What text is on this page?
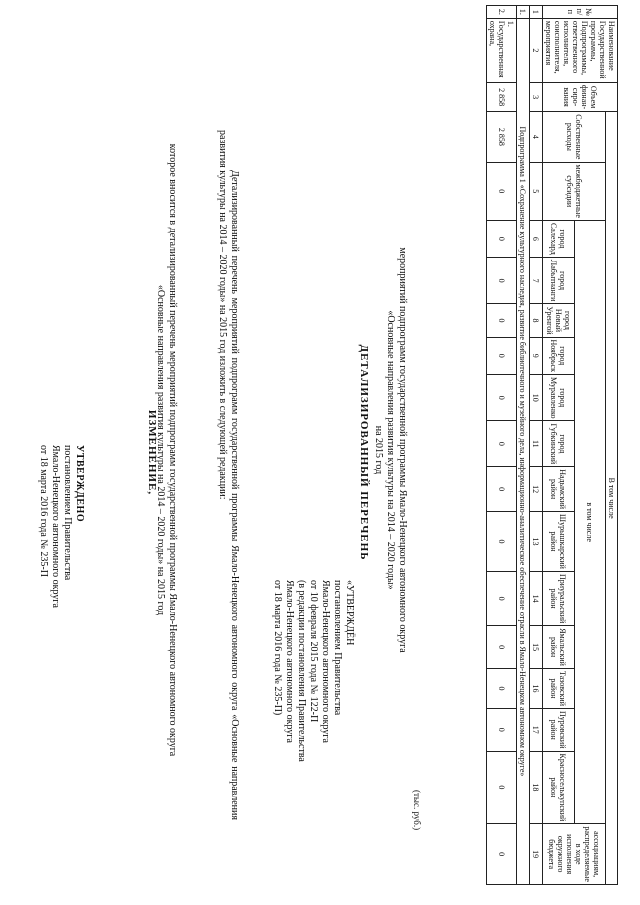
УТВЕРЖДЕНО
постановлением Правительства
Ямало-Ненецкого автономного округа
от 18 марта 2016 года № 235-П	ИЗМЕНЕНИЕ, которое вносится в детализированный перечень мероприятий подпрограмм государственной программы Ямало-Ненецкого автономного округа
«Основные направления развития культуры на 2014 – 2020 годы» на 2015 год	Детализированный перечень мероприятий подпрограмм государственной программы Ямало-Ненецкого автономного округа «Основные направления развития культуры на 2014 – 2020 годы» на 2015 год изложить в следующей редакции:
«УТВЕРЖДЁН
постановлением Правительства
Ямало-Ненецкого автономного округа
от 10 февраля 2015 года № 122-П
(в редакции постановления Правительства
Ямало-Ненецкого автономного округа
от 18 марта 2016 года № 235-П)
ДЕТАЛИЗИРОВАННЫЙ ПЕРЕЧЕНЬ	мероприятий подпрограмм государственной программы Ямало-Ненецкого автономного округа
«Основные направления развития культуры на 2014 – 2020 годы»
на 2015 год
(тыс. руб.)
№ п/п	Наименование Государственной программы, Подпрограммы, ответственного исполнителя, соисполнителя, мероприятия	Объем финан-сиро-вания	В том числе															
			Собственные расходы	межбюджетные субсидии	в том числе													ассоциациям, распределяемые в ходе исполнения окружного бюджета
					город Салехард	город Лабытнанги	город Новый Уренгой	город Ноябрьск	город Муравленко	город Губкинский	Надымский район	Шурышкарский район	Приуральский район	Ямальский район	Тазовский район	Пуровский район	Красноселькупский район	
1	2	3	4	5	6	7	8	9	10	11	12	13	14	15	16	17	18	19
1.	Подпрограмма 1 «Сохранение культурного наследия, развитие библиотечного и музейного дела, информационно-аналитическое обеспечение отрасли в Ямало-Ненецком автономном округе»																	
2.	1. Государственная охрана,	2 858	2 858	0	0	0	0	0	0	0	0	0	0	0	0	0	0	0
